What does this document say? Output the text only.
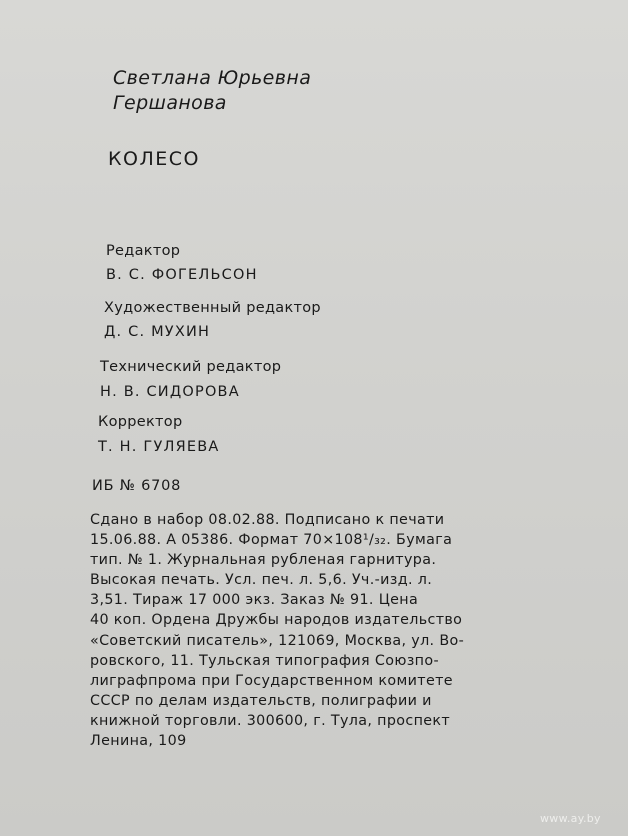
Светлана Юрьевна
Гершанова
КОЛЕСО
Редактор
В. С. ФОГЕЛЬСОН
Художественный редактор
Д. С. МУХИН
Технический редактор
Н. В. СИДОРОВА
Корректор
Т. Н. ГУЛЯЕВА
ИБ № 6708
Сдано в набор 08.02.88. Подписано к печати
15.06.88. А 05386. Формат 70×108¹/₃₂. Бумага
тип. № 1. Журнальная рубленая гарнитура.
Высокая печать. Усл. печ. л. 5,6. Уч.-изд. л.
3,51. Тираж 17 000 экз. Заказ № 91. Цена
40 коп. Ордена Дружбы народов издательство
«Советский писатель», 121069, Москва, ул. Во-
ровского, 11. Тульская типография Союзпо-
лиграфпрома при Государственном комитете
СССР по делам издательств, полиграфии и
книжной торговли. 300600, г. Тула, проспект
Ленина, 109
www.ay.by
